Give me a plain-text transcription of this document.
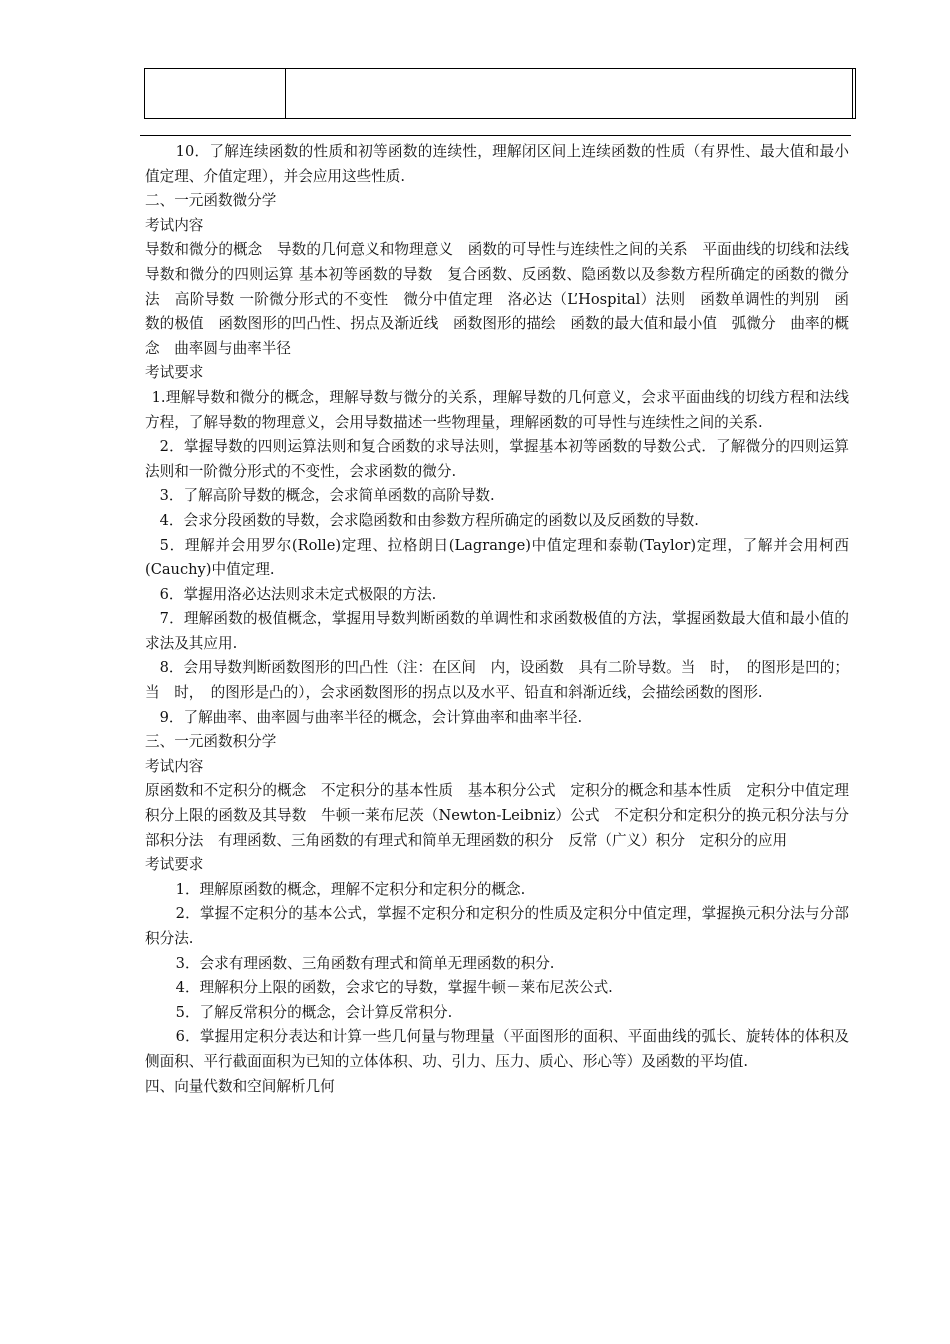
10．了解连续函数的性质和初等函数的连续性，理解闭区间上连续函数的性质（有界性、最大值和最小值定理、介值定理），并会应用这些性质.

二、一元函数微分学

考试内容

导数和微分的概念　导数的几何意义和物理意义　函数的可导性与连续性之间的关系　平面曲线的切线和法线　导数和微分的四则运算 基本初等函数的导数　复合函数、反函数、隐函数以及参数方程所确定的函数的微分法　高阶导数 一阶微分形式的不变性　微分中值定理　洛必达（L’Hospital）法则　函数单调性的判别　函数的极值　函数图形的凹凸性、拐点及渐近线　函数图形的描绘　函数的最大值和最小值　弧微分　曲率的概念　曲率圆与曲率半径

考试要求

1.理解导数和微分的概念，理解导数与微分的关系，理解导数的几何意义，会求平面曲线的切线方程和法线方程，了解导数的物理意义，会用导数描述一些物理量，理解函数的可导性与连续性之间的关系.

2．掌握导数的四则运算法则和复合函数的求导法则，掌握基本初等函数的导数公式．了解微分的四则运算法则和一阶微分形式的不变性，会求函数的微分.

3．了解高阶导数的概念，会求简单函数的高阶导数.

4．会求分段函数的导数，会求隐函数和由参数方程所确定的函数以及反函数的导数.

5．理解并会用罗尔(Rolle)定理、拉格朗日(Lagrange)中值定理和泰勒(Taylor)定理，了解并会用柯西(Cauchy)中值定理.

6．掌握用洛必达法则求未定式极限的方法.

7．理解函数的极值概念，掌握用导数判断函数的单调性和求函数极值的方法，掌握函数最大值和最小值的求法及其应用.

8．会用导数判断函数图形的凹凸性（注：在区间　内，设函数　具有二阶导数。当　时，　的图形是凹的；当　时，　的图形是凸的），会求函数图形的拐点以及水平、铅直和斜渐近线，会描绘函数的图形.

9．了解曲率、曲率圆与曲率半径的概念，会计算曲率和曲率半径.

三、一元函数积分学

考试内容

原函数和不定积分的概念　不定积分的基本性质　基本积分公式　定积分的概念和基本性质　定积分中值定理　积分上限的函数及其导数　牛顿一莱布尼茨（Newton-Leibniz）公式　不定积分和定积分的换元积分法与分部积分法　有理函数、三角函数的有理式和简单无理函数的积分　反常（广义）积分　定积分的应用

考试要求

1．理解原函数的概念，理解不定积分和定积分的概念.

2．掌握不定积分的基本公式，掌握不定积分和定积分的性质及定积分中值定理，掌握换元积分法与分部积分法.

3．会求有理函数、三角函数有理式和简单无理函数的积分.

4．理解积分上限的函数，会求它的导数，掌握牛顿－莱布尼茨公式.

5．了解反常积分的概念，会计算反常积分.

6．掌握用定积分表达和计算一些几何量与物理量（平面图形的面积、平面曲线的弧长、旋转体的体积及侧面积、平行截面面积为已知的立体体积、功、引力、压力、质心、形心等）及函数的平均值.

四、向量代数和空间解析几何
